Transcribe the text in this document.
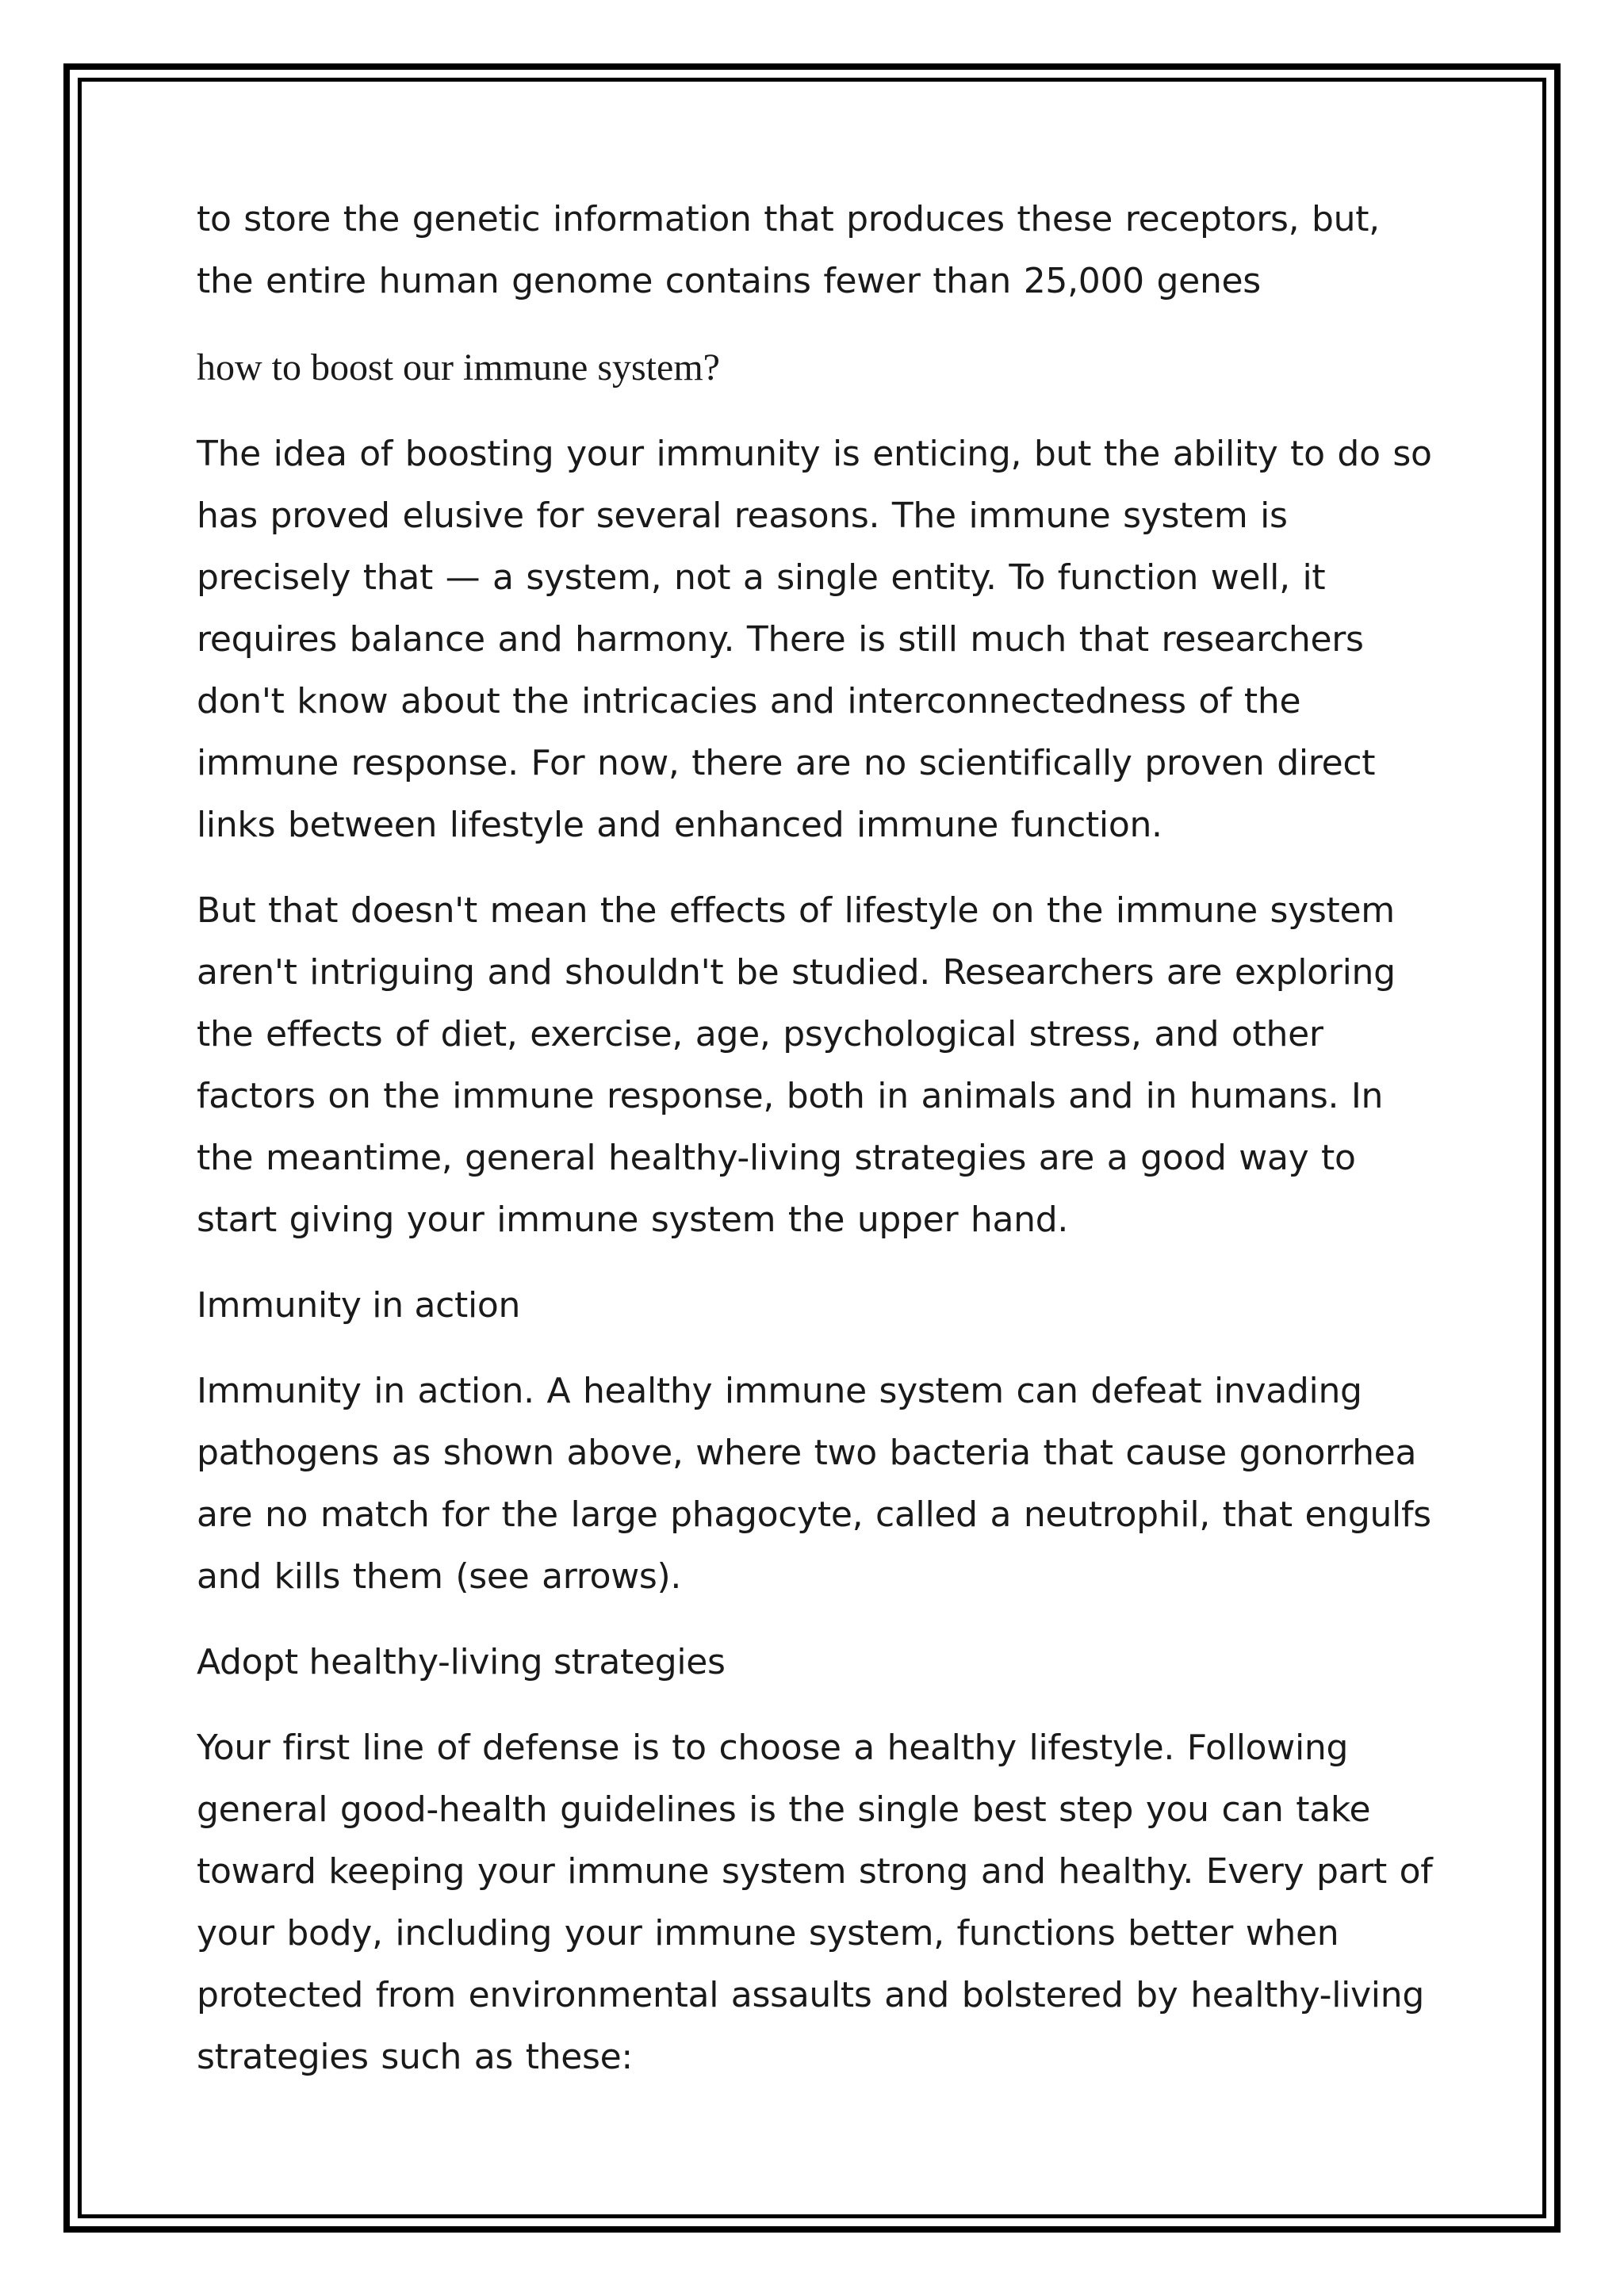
to store the genetic information that produces these receptors, but, the entire human genome contains fewer than 25,000 genes

how to boost our immune system?

The idea of boosting your immunity is enticing, but the ability to do so has proved elusive for several reasons. The immune system is precisely that — a system, not a single entity. To function well, it requires balance and harmony. There is still much that researchers don't know about the intricacies and interconnectedness of the immune response. For now, there are no scientifically proven direct links between lifestyle and enhanced immune function.

But that doesn't mean the effects of lifestyle on the immune system aren't intriguing and shouldn't be studied. Researchers are exploring the effects of diet, exercise, age, psychological stress, and other factors on the immune response, both in animals and in humans. In the meantime, general healthy-living strategies are a good way to start giving your immune system the upper hand.

Immunity in action

Immunity in action. A healthy immune system can defeat invading pathogens as shown above, where two bacteria that cause gonorrhea are no match for the large phagocyte, called a neutrophil, that engulfs and kills them (see arrows).

Adopt healthy-living strategies

Your first line of defense is to choose a healthy lifestyle. Following general good-health guidelines is the single best step you can take toward keeping your immune system strong and healthy. Every part of your body, including your immune system, functions better when protected from environmental assaults and bolstered by healthy-living strategies such as these:
